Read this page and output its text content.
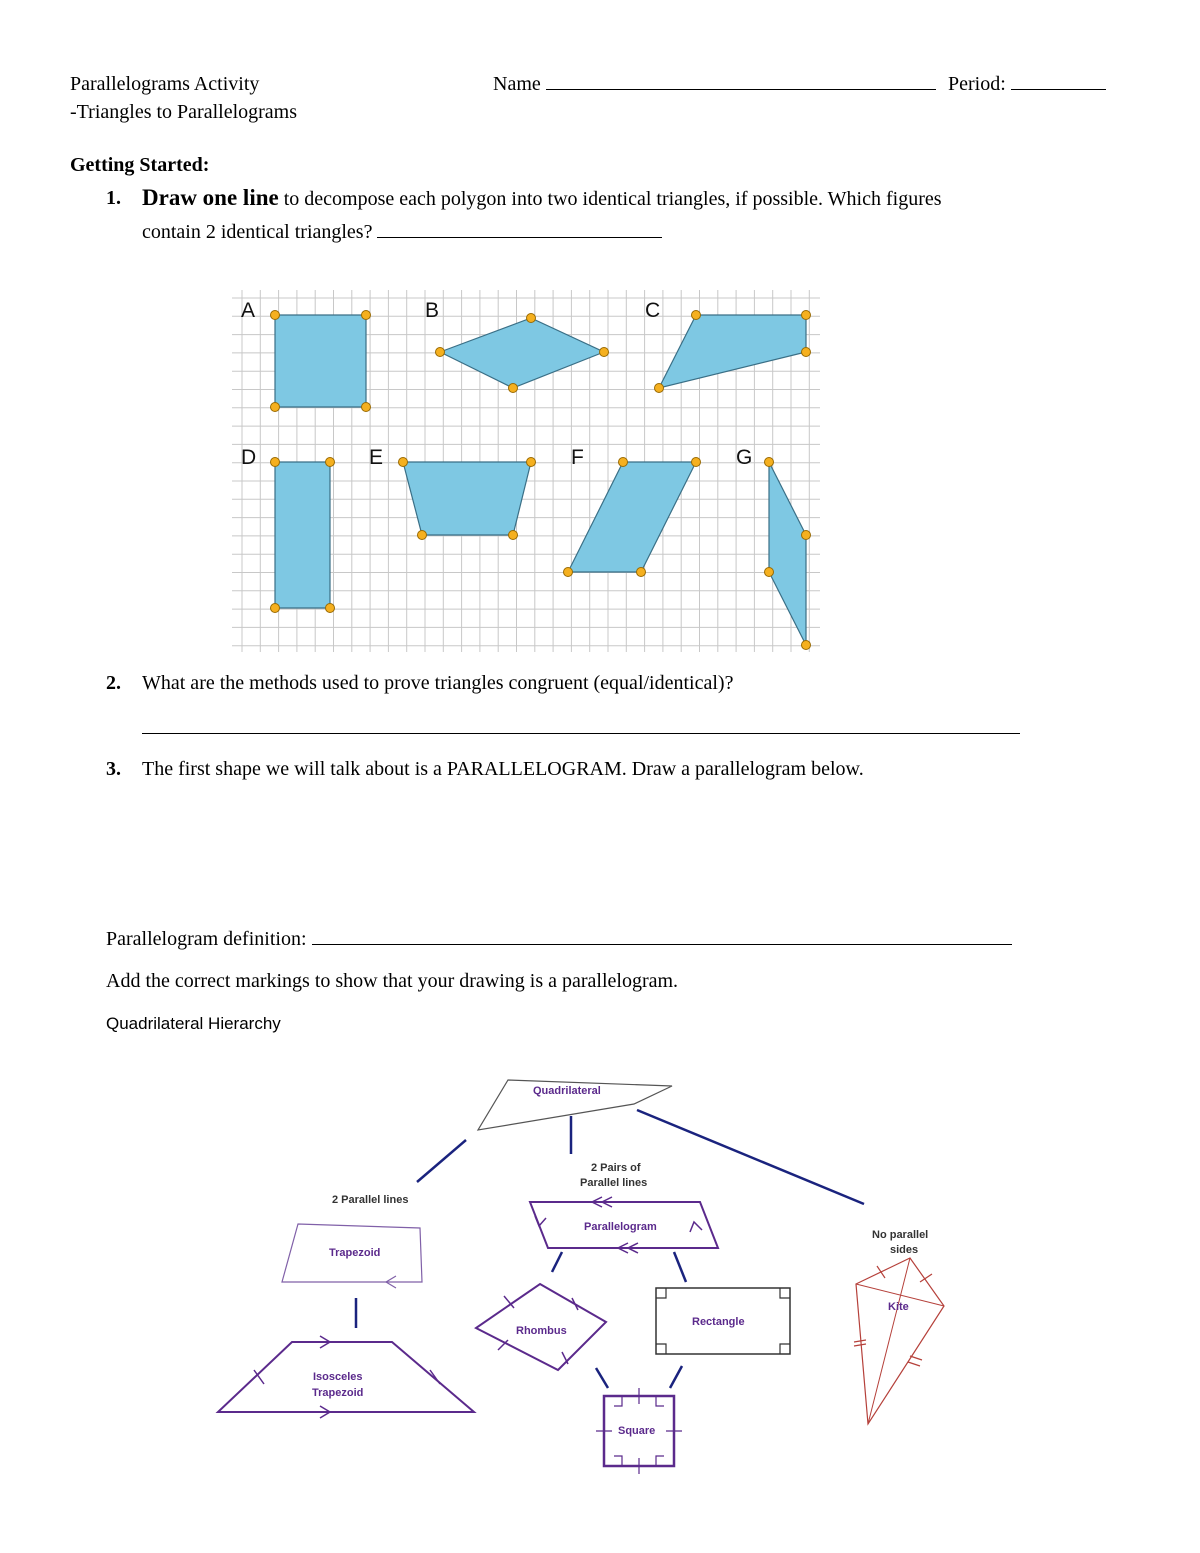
Parallelograms Activity
-Triangles to Parallelograms
Name	Period:
Getting Started:
1. Draw one line to decompose each polygon into two identical triangles, if possible. Which figures
contain 2 identical triangles?
A	B	C
D	E	F	G
2. What are the methods used to prove triangles congruent (equal/identical)?
3. The first shape we will talk about is a PARALLELOGRAM. Draw a parallelogram below.
Parallelogram definition:
Add the correct markings to show that your drawing is a parallelogram.
Quadrilateral Hierarchy
Quadrilateral
2 Parallel lines
2 Pairs of
Parallel lines
No parallel
sides
Trapezoid
Isosceles
Trapezoid
Parallelogram
Rhombus
Rectangle
Square
Kite
